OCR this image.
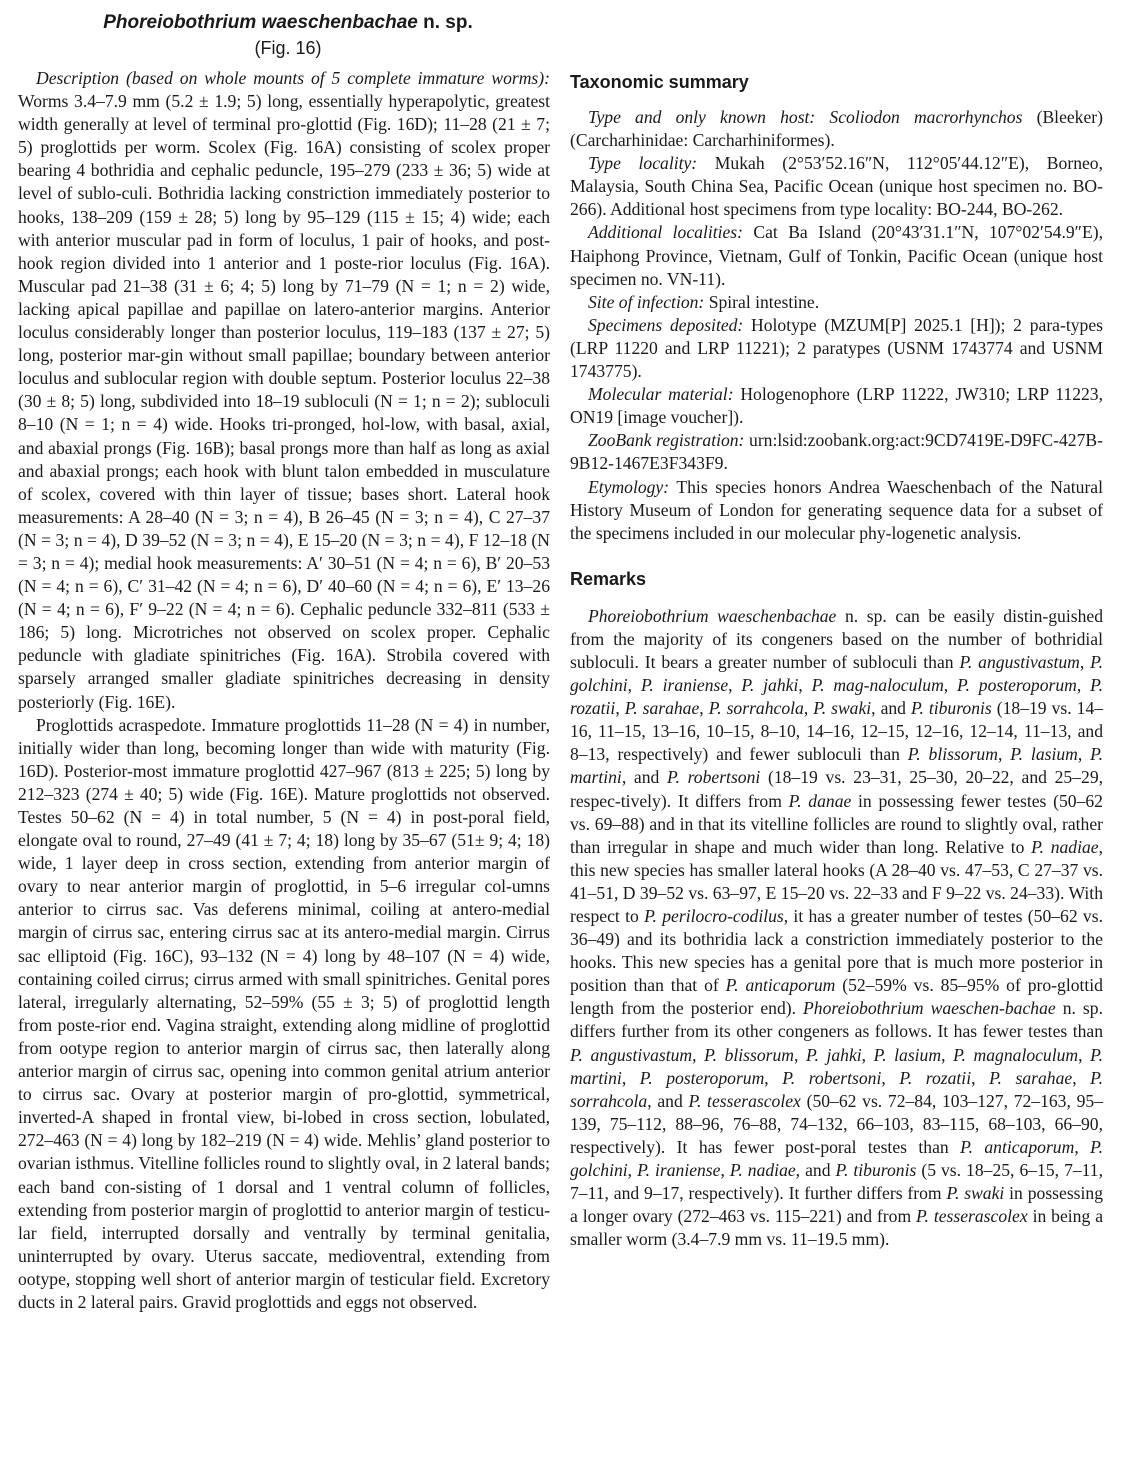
Phoreiobothrium waeschenbachae n. sp.
(Fig. 16)

Description (based on whole mounts of 5 complete immature worms): Worms 3.4–7.9 mm (5.2 ± 1.9; 5) long, essentially hyperapolytic, greatest width generally at level of terminal pro-glottid (Fig. 16D); 11–28 (21 ± 7; 5) proglottids per worm. Scolex (Fig. 16A) consisting of scolex proper bearing 4 bothridia and cephalic peduncle, 195–279 (233 ± 36; 5) wide at level of sublo-culi. Bothridia lacking constriction immediately posterior to hooks, 138–209 (159 ± 28; 5) long by 95–129 (115 ± 15; 4) wide; each with anterior muscular pad in form of loculus, 1 pair of hooks, and post-hook region divided into 1 anterior and 1 poste-rior loculus (Fig. 16A). Muscular pad 21–38 (31 ± 6; 4; 5) long by 71–79 (N = 1; n = 2) wide, lacking apical papillae and papillae on latero-anterior margins. Anterior loculus considerably longer than posterior loculus, 119–183 (137 ± 27; 5) long, posterior mar-gin without small papillae; boundary between anterior loculus and sublocular region with double septum. Posterior loculus 22–38 (30 ± 8; 5) long, subdivided into 18–19 subloculi (N = 1; n = 2); subloculi 8–10 (N = 1; n = 4) wide. Hooks tri-pronged, hol-low, with basal, axial, and abaxial prongs (Fig. 16B); basal prongs more than half as long as axial and abaxial prongs; each hook with blunt talon embedded in musculature of scolex, covered with thin layer of tissue; bases short. Lateral hook measurements: A 28–40 (N = 3; n = 4), B 26–45 (N = 3; n = 4), C 27–37 (N = 3; n = 4), D 39–52 (N = 3; n = 4), E 15–20 (N = 3; n = 4), F 12–18 (N = 3; n = 4); medial hook measurements: A′ 30–51 (N = 4; n = 6), B′ 20–53 (N = 4; n = 6), C′ 31–42 (N = 4; n = 6), D′ 40–60 (N = 4; n = 6), E′ 13–26 (N = 4; n = 6), F′ 9–22 (N = 4; n = 6). Cephalic peduncle 332–811 (533 ± 186; 5) long. Microtriches not observed on scolex proper. Cephalic peduncle with gladiate spinitriches (Fig. 16A). Strobila covered with sparsely arranged smaller gladiate spinitriches decreasing in density posteriorly (Fig. 16E).

Proglottids acraspedote. Immature proglottids 11–28 (N = 4) in number, initially wider than long, becoming longer than wide with maturity (Fig. 16D). Posterior-most immature proglottid 427–967 (813 ± 225; 5) long by 212–323 (274 ± 40; 5) wide (Fig. 16E). Mature proglottids not observed. Testes 50–62 (N = 4) in total number, 5 (N = 4) in post-poral field, elongate oval to round, 27–49 (41 ± 7; 4; 18) long by 35–67 (51± 9; 4; 18) wide, 1 layer deep in cross section, extending from anterior margin of ovary to near anterior margin of proglottid, in 5–6 irregular col-umns anterior to cirrus sac. Vas deferens minimal, coiling at antero-medial margin of cirrus sac, entering cirrus sac at its antero-medial margin. Cirrus sac elliptoid (Fig. 16C), 93–132 (N = 4) long by 48–107 (N = 4) wide, containing coiled cirrus; cirrus armed with small spinitriches. Genital pores lateral, irregularly alternating, 52–59% (55 ± 3; 5) of proglottid length from poste-rior end. Vagina straight, extending along midline of proglottid from ootype region to anterior margin of cirrus sac, then laterally along anterior margin of cirrus sac, opening into common genital atrium anterior to cirrus sac. Ovary at posterior margin of pro-glottid, symmetrical, inverted-A shaped in frontal view, bi-lobed in cross section, lobulated, 272–463 (N = 4) long by 182–219 (N = 4) wide. Mehlis’ gland posterior to ovarian isthmus. Vitelline follicles round to slightly oval, in 2 lateral bands; each band con-sisting of 1 dorsal and 1 ventral column of follicles, extending from posterior margin of proglottid to anterior margin of testicu-lar field, interrupted dorsally and ventrally by terminal genitalia, uninterrupted by ovary. Uterus saccate, medioventral, extending from ootype, stopping well short of anterior margin of testicular field. Excretory ducts in 2 lateral pairs. Gravid proglottids and eggs not observed.

Taxonomic summary

Type and only known host: Scoliodon macrorhynchos (Bleeker) (Carcharhinidae: Carcharhiniformes).

Type locality: Mukah (2°53′52.16″N, 112°05′44.12″E), Borneo, Malaysia, South China Sea, Pacific Ocean (unique host specimen no. BO-266). Additional host specimens from type locality: BO-244, BO-262.

Additional localities: Cat Ba Island (20°43′31.1″N, 107°02′54.9″E), Haiphong Province, Vietnam, Gulf of Tonkin, Pacific Ocean (unique host specimen no. VN-11).

Site of infection: Spiral intestine.

Specimens deposited: Holotype (MZUM[P] 2025.1 [H]); 2 para-types (LRP 11220 and LRP 11221); 2 paratypes (USNM 1743774 and USNM 1743775).

Molecular material: Hologenophore (LRP 11222, JW310; LRP 11223, ON19 [image voucher]).

ZooBank registration: urn:lsid:zoobank.org:act:9CD7419E-D9FC-427B-9B12-1467E3F343F9.

Etymology: This species honors Andrea Waeschenbach of the Natural History Museum of London for generating sequence data for a subset of the specimens included in our molecular phy-logenetic analysis.

Remarks

Phoreiobothrium waeschenbachae n. sp. can be easily distin-guished from the majority of its congeners based on the number of bothridial subloculi. It bears a greater number of subloculi than P. angustivastum, P. golchini, P. iraniense, P. jahki, P. mag-naloculum, P. posteroporum, P. rozatii, P. sarahae, P. sorrahcola, P. swaki, and P. tiburonis (18–19 vs. 14–16, 11–15, 13–16, 10–15, 8–10, 14–16, 12–15, 12–16, 12–14, 11–13, and 8–13, respectively) and fewer subloculi than P. blissorum, P. lasium, P. martini, and P. robertsoni (18–19 vs. 23–31, 25–30, 20–22, and 25–29, respec-tively). It differs from P. danae in possessing fewer testes (50–62 vs. 69–88) and in that its vitelline follicles are round to slightly oval, rather than irregular in shape and much wider than long. Relative to P. nadiae, this new species has smaller lateral hooks (A 28–40 vs. 47–53, C 27–37 vs. 41–51, D 39–52 vs. 63–97, E 15–20 vs. 22–33 and F 9–22 vs. 24–33). With respect to P. perilocro-codilus, it has a greater number of testes (50–62 vs. 36–49) and its bothridia lack a constriction immediately posterior to the hooks. This new species has a genital pore that is much more posterior in position than that of P. anticaporum (52–59% vs. 85–95% of pro-glottid length from the posterior end). Phoreiobothrium waeschen-bachae n. sp. differs further from its other congeners as follows. It has fewer testes than P. angustivastum, P. blissorum, P. jahki, P. lasium, P. magnaloculum, P. martini, P. posteroporum, P. robertsoni, P. rozatii, P. sarahae, P. sorrahcola, and P. tesserascolex (50–62 vs. 72–84, 103–127, 72–163, 95–139, 75–112, 88–96, 76–88, 74–132, 66–103, 83–115, 68–103, 66–90, respectively). It has fewer post-poral testes than P. anticaporum, P. golchini, P. iraniense, P. nadiae, and P. tiburonis (5 vs. 18–25, 6–15, 7–11, 7–11, and 9–17, respectively). It further differs from P. swaki in possessing a longer ovary (272–463 vs. 115–221) and from P. tesserascolex in being a smaller worm (3.4–7.9 mm vs. 11–19.5 mm).
